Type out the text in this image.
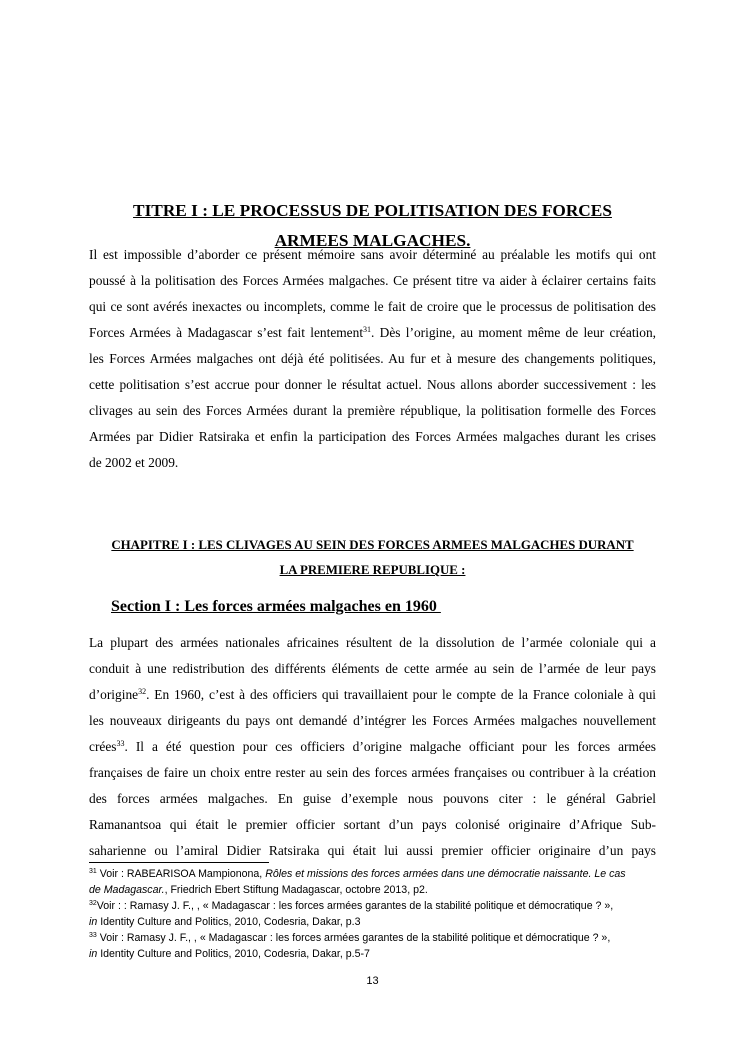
TITRE I : LE PROCESSUS DE POLITISATION DES FORCES
ARMEES MALGACHES.
Il est impossible d’aborder ce présent mémoire sans avoir déterminé au préalable les motifs qui ont
poussé à la politisation des Forces Armées malgaches. Ce présent titre va aider à éclairer certains faits
qui ce sont avérés inexactes ou incomplets, comme le fait de croire que le processus de politisation des
Forces Armées à Madagascar s’est fait lentement$^{31}$. Dès l’origine, au moment même de leur création,
les Forces Armées malgaches ont déjà été politisées. Au fur et à mesure des changements politiques,
cette politisation s’est accrue pour donner le résultat actuel. Nous allons aborder successivement : les
clivages au sein des Forces Armées durant la première république, la politisation formelle des Forces
Armées par Didier Ratsiraka et enfin la participation des Forces Armées malgaches durant les crises
de 2002 et 2009.
CHAPITRE I : LES CLIVAGES AU SEIN DES FORCES ARMEES MALGACHES DURANT
LA PREMIERE REPUBLIQUE :
Section I : Les forces armées malgaches en 1960
La plupart des armées nationales africaines résultent de la dissolution de l’armée coloniale qui a
conduit à une redistribution des différents éléments de cette armée au sein de l’armée de leur pays
d’origine$^{32}$. En 1960, c’est à des officiers qui travaillaient pour le compte de la France coloniale à qui
les nouveaux dirigeants du pays ont demandé d’intégrer les Forces Armées malgaches nouvellement
crées$^{33}$. Il a été question pour ces officiers d’origine malgache officiant pour les forces armées
françaises de faire un choix entre rester au sein des forces armées françaises ou contribuer à la création
des forces armées malgaches. En guise d’exemple nous pouvons citer : le général Gabriel
Ramanantsoa qui était le premier officier sortant d’un pays colonisé originaire d’Afrique Sub-
saharienne ou l’amiral Didier Ratsiraka qui était lui aussi premier officier originaire d’un pays
$^{31}$ Voir : RABEARISOA Mampionona, Rôles et missions des forces armées dans une démocratie naissante. Le cas
de Madagascar., Friedrich Ebert Stiftung Madagascar, octobre 2013, p2.
$^{32}$Voir : : Ramasy J. F., , « Madagascar : les forces armées garantes de la stabilité politique et démocratique ? »,
in Identity Culture and Politics, 2010, Codesria, Dakar, p.3
$^{33}$ Voir : Ramasy J. F., , « Madagascar : les forces armées garantes de la stabilité politique et démocratique ? »,
in Identity Culture and Politics, 2010, Codesria, Dakar, p.5-7
13
